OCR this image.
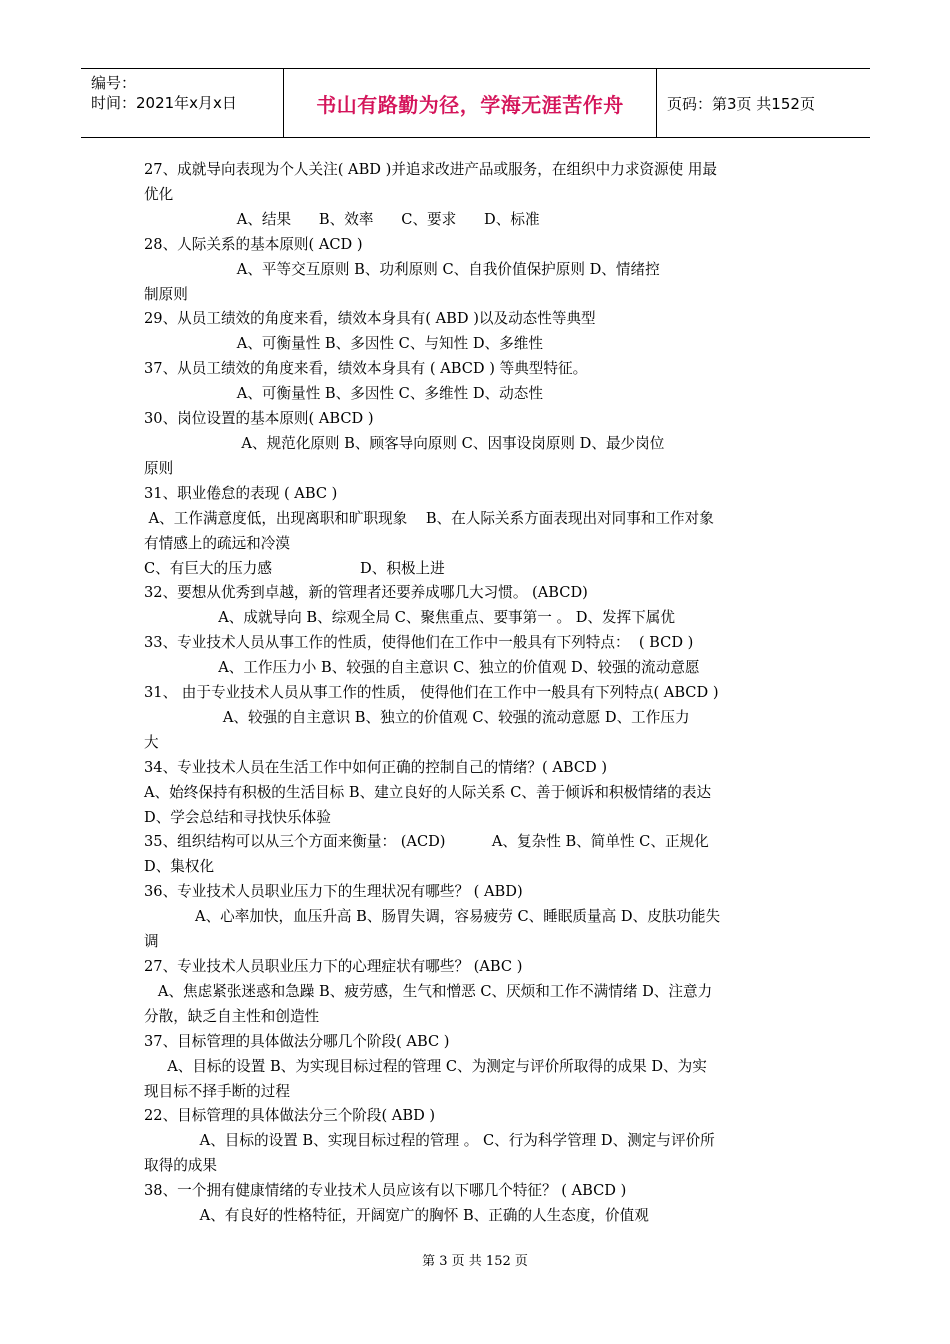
编号：
时间：2021年x月x日	书山有路勤为径，学海无涯苦作舟	页码：第3页 共152页

27、成就导向表现为个人关注( ABD )并追求改进产品或服务，在组织中力求资源使 用最

优化

A、结果      B、效率      C、要求      D、标准

28、人际关系的基本原则( ACD )

A、平等交互原则 B、功利原则 C、自我价值保护原则 D、情绪控

制原则

29、从员工绩效的角度来看，绩效本身具有( ABD )以及动态性等典型

A、可衡量性 B、多因性 C、与知性 D、多维性

37、从员工绩效的角度来看，绩效本身具有 ( ABCD ) 等典型特征。

A、可衡量性 B、多因性 C、多维性 D、动态性

30、岗位设置的基本原则( ABCD )

A、规范化原则 B、顾客导向原则 C、因事设岗原则 D、最少岗位

原则

31、职业倦怠的表现 ( ABC )

A、工作满意度低，出现离职和旷职现象    B、在人际关系方面表现出对同事和工作对象

有情感上的疏远和冷漠

C、有巨大的压力感                   D、积极上进

32、要想从优秀到卓越，新的管理者还要养成哪几大习惯。 (ABCD)

A、成就导向 B、综观全局 C、聚焦重点、要事第一 。 D、发挥下属优

33、专业技术人员从事工作的性质，使得他们在工作中一般具有下列特点：  ( BCD )

A、工作压力小 B、较强的自主意识 C、独立的价值观 D、较强的流动意愿

31、 由于专业技术人员从事工作的性质， 使得他们在工作中一般具有下列特点( ABCD )

A、较强的自主意识 B、独立的价值观 C、较强的流动意愿 D、工作压力

大

34、专业技术人员在生活工作中如何正确的控制自己的情绪？( ABCD )

A、始终保持有积极的生活目标 B、建立良好的人际关系 C、善于倾诉和积极情绪的表达

D、学会总结和寻找快乐体验

35、组织结构可以从三个方面来衡量： (ACD)          A、复杂性 B、简单性 C、正规化

D、集权化

36、专业技术人员职业压力下的生理状况有哪些？ ( ABD)

A、心率加快，血压升高 B、肠胃失调，容易疲劳 C、睡眠质量高 D、皮肤功能失

调

27、专业技术人员职业压力下的心理症状有哪些？ (ABC )

A、焦虑紧张迷惑和急躁 B、疲劳感，生气和憎恶 C、厌烦和工作不满情绪 D、注意力

分散，缺乏自主性和创造性

37、目标管理的具体做法分哪几个阶段( ABC )

A、目标的设置 B、为实现目标过程的管理 C、为测定与评价所取得的成果 D、为实

现目标不择手断的过程

22、目标管理的具体做法分三个阶段( ABD )

A、目标的设置 B、实现目标过程的管理 。 C、行为科学管理 D、测定与评价所

取得的成果

38、一个拥有健康情绪的专业技术人员应该有以下哪几个特征？ ( ABCD )

A、有良好的性格特征，开阔宽广的胸怀 B、正确的人生态度，价值观

第 3 页 共 152 页
